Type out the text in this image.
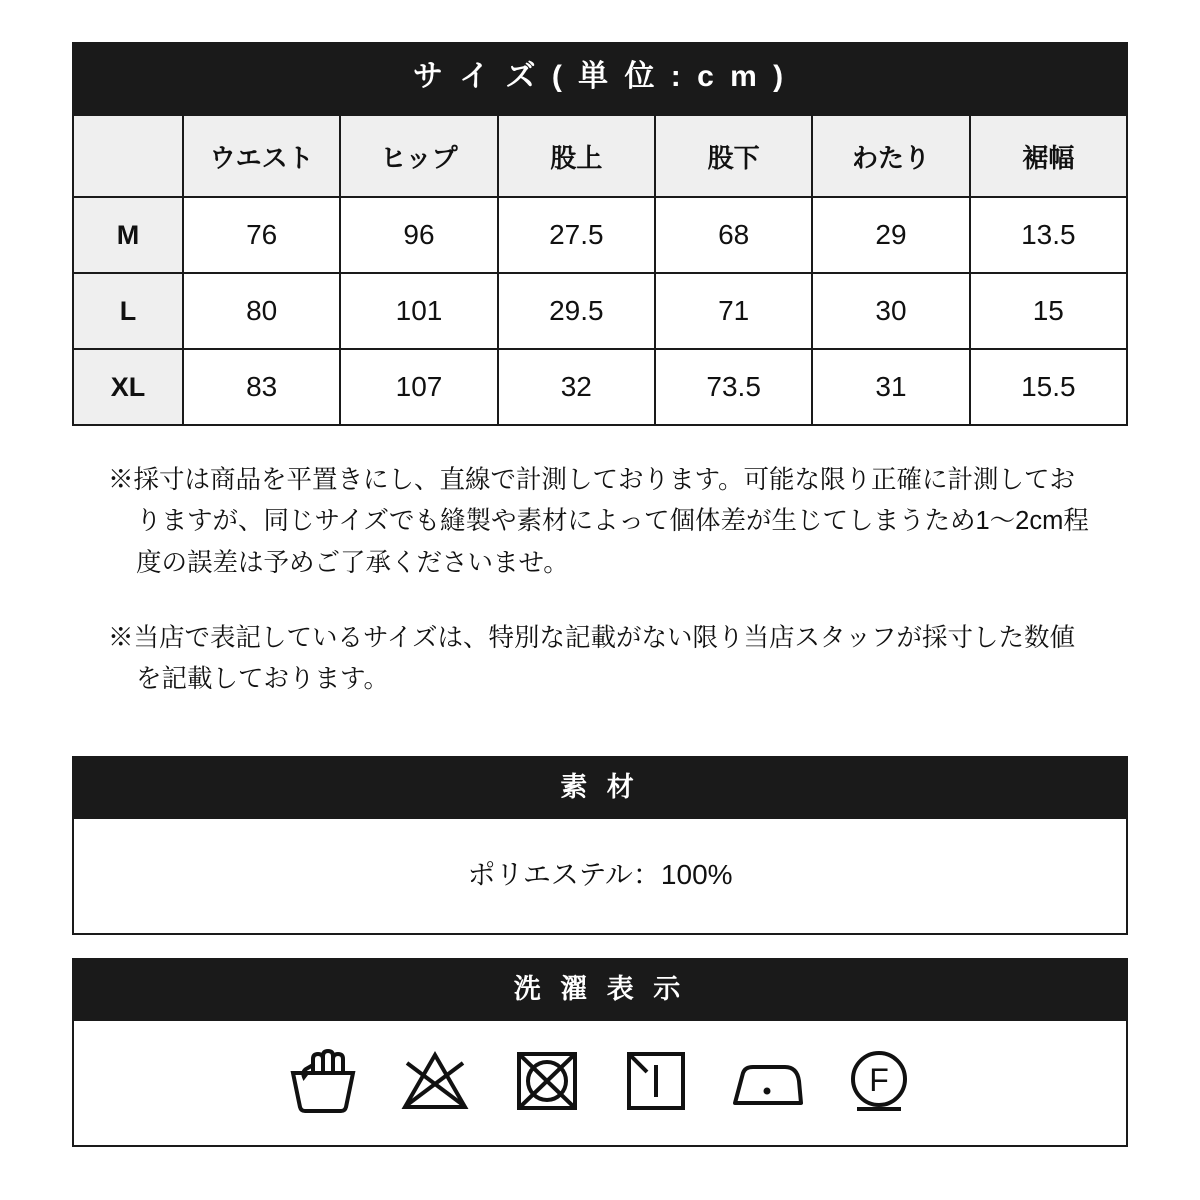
サ イ ズ ( 単 位 : c m )
	ウエスト	ヒップ	股上	股下	わたり	裾幅
M	76	96	27.5	68	29	13.5
L	80	101	29.5	71	30	15
XL	83	107	32	73.5	31	15.5

※採寸は商品を平置きにし、直線で計測しております。可能な限り正確に計測しておりますが、同じサイズでも縫製や素材によって個体差が生じてしまうため1〜2cm程度の誤差は予めご了承くださいませ。

※当店で表記しているサイズは、特別な記載がない限り当店スタッフが採寸した数値を記載しております。

素 材
ポリエステル：100%
洗 濯 表 示
F
